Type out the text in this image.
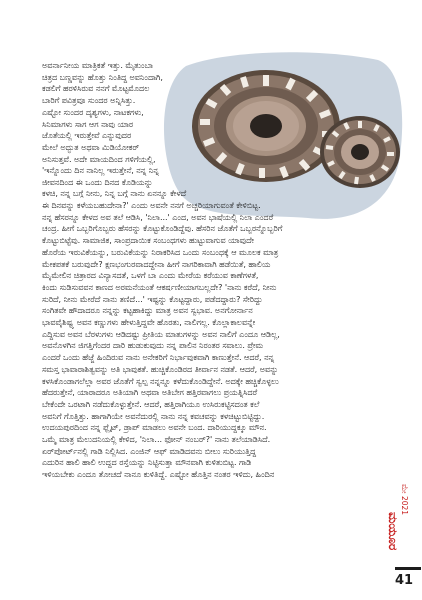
ಅವರ್ನಾನೀಯ ಮಾತ್ರಿಕತೆ ಇತ್ತು. ಮೈತುಂಬಾ
ಚಿತ್ರದ ಬಣ್ಣವನ್ನು ಹೊತ್ತು ನಿಂತಿದ್ದ ಅವನಿಂದಾಗಿ,
ಕಡಲಿಗೆ ಹರಳಿಸಿರುವ ನನಗೆ ಮೊಟ್ಟಮೊದಲ
ಬಾರಿಗೆ ಪವಿತ್ರವೂ ಸುಂದರ ಅನ್ನಿಸಿತ್ತು.
ಎಷ್ಟೋ ಸುಂದರ ದೃಶ್ಯಗಳು, ನಾಟಕಗಳು,
ಸಿನಿಮಾಗಳು ಸಾಗ ಆಗ ನಾವು ಯಾರ
ಜೊತೆಯಲ್ಲಿ ಇರುತ್ತೇವೆ ಎನ್ನುವುದರ
ಮೇಲೆ ಅದ್ಭುತ ಅಥವಾ ಮಿಡಿಯೋಕರ್
ಅನಿಸುತ್ತವೆ. ಅದೇ ಮಾಯದಿಂದ ಗಳಿಗೆಯಲ್ಲಿ,
'ಇನ್ನೊಂದು ದಿನ ನಾನಿಲ್ಲ ಇರುತ್ತೇನೆ, ನನ್ನ ನಿನ್ನ
ಜೀವನದಿಂದ ಈ ಒಂದು ದಿನದ ಕೊಡಿಯನ್ನು
ಕಳಚಿ, ನನ್ನ ಬಗ್ಗೆ ನೀನು, ನಿನ್ನ ಬಗ್ಗೆ ನಾನು ಏನನ್ನೂ ಕೇಳದೆ
ಈ ದಿನವನ್ನು ಕಳೆಯಬಹುದೇನಾ?' ಎಂದು ಅವನೇ ನನಗೆ ಅಚ್ಚರಿಯಾಗುವಂತೆ ಕೇಳಿಬಿಟ್ಟ.
ನನ್ನ ಹೆಸರನ್ನೂ ಕೇಳದ ಅವ ತಲೆ ಆಡಿಸಿ, 'ನಿಲಾ...' ಎಂದ, ಅವನ ಭಾಷೆಯಲ್ಲಿ ನಿಲಾ ಎಂದರೆ
ಚಂದ್ರ. ಹೀಗೆ ಒಬ್ಬರಿಗೊಬ್ಬರು ಹೆಸರನ್ನು ಕೊಟ್ಟುಕೊಂಡಿದ್ದೆವು. ಹೆಸರಿನ ಜೊತೆಗೆ ಒಬ್ಬರನ್ನೊಬ್ಬರಿಗೆ
ಕೊಟ್ಟುಬಿಟ್ಟೆವು. ಸಾಮಾಜಿಕ, ಸಾಂಪ್ರದಾಯಿಕ ಸಂಬಂಧಗಳು ಹುಟ್ಟುವಾಗುವ ಯಾವುದೇ
ಹೊರೆಯ ಇರುವಿಕೆಯನ್ನು, ಬರುವಿಕೆಯನ್ನು ನಿರಾಕರಿಸಿದ ಒಂದು ಸಂಬಂಧಕ್ಕೆ ಆ ಮೂಲಕ ಮಾತ್ರ
ಮೇಕಪತಕೆ ಬರುವುದೇ? ಕ್ಷಣಭಂಗುರವಾದದ್ದೇನಾ ಹೀಗೆ ನಾಗರಿಕಾವಾಗಿ ಹಡೆಯಿತೆ, ಹಾಲಿಯ
ಮೈಮೇಲಿನ ಚಿತ್ರಾರದ ವಿನ್ಯಾಸದತೆ, ಒಳಗೆ ಬಾ ಎಂದು ಮೇರೆಯ ಕರೆಯುವ ಕಾಣೆಗಳತೆ,
ಕಿಂದು ಸುಡಿಸುವವನ ಕಾಣದ ಅರಮನೆಯಂತೆ ಆಕರ್ಷಣೀಯಾಗಬಲ್ಲದೇ? 'ನಾನು ಕರೆದೆ, ನೀನು
ಸುರಿದೆ, ನೀನು ಮೇರೆದೆ ನಾನು ತಣಿದೆ...' ಇಷ್ಟನ್ನು ಕೊಟ್ಟದ್ದಾರು, ಪಡೆದದ್ದಾರು? ಸೇರಿದ್ದು
ಸಂಗಿತವೇ ಹೌದಾದರೂ ನನ್ನನ್ನು ಕಟ್ಟಹಾಕಿದ್ದು ಮಾತ್ರ ಅವನ ಸ್ವಭಾವ. ಅನಗೋರ್ನಾನ
ಭಾವವೈಶಿಷ್ಟ್ಯ ಅವನ ಕಣ್ಣುಗಳು ಹೇಳುತ್ತಿದ್ದವೇ ಹೊರತು, ನಾಲಿಗಲ್ಲ. ಕೊಲ್ಲಾಕಾಲವನ್ನೇ
ಎದ್ದಿಸುವ ಅವನ ಬೆರಳುಗಳು ಆಡಿದಷ್ಟು ಪ್ರೀತಿಯ ಮಾತುಗಳನ್ನು ಅವನ ನಾಲಿಗೆ ಎಂದೂ ಆಡಿಲ್ಲ,
ಅವನೊಳಗಿನ ಜಿಗತ್ತಿಗೆಂದರ ದಾರಿ ಹುಡುಕುವುದು ನನ್ನ ಪಾಲಿನ ನಿರಂತರ ಸವಾಲು. ಪ್ರೇಮ
ಎಂದರೆ ಒಂದು ಹೆಜ್ಜೆ ಹಿಂದಿರುವ ನಾನು ಅನೇಕರಿಗೆ ನಿರ್ಭಾವುಕವಾಗಿ ಕಾಣುತ್ತೇನೆ. ಆದರೆ, ನನ್ನ
ಸಮಸ್ತ ಭಾವಾರಾಶಿತ್ವವನ್ನು ಅತಿ ಭಾವುಕತೆ. ಹುಚ್ಚಿಕೊಂಡಿರದ ತೀರ್ವಾನ ನಡತೆ. ಆದರೆ, ಅವನ್ನು
ಕಳಸಿಕೊಂಡಾಗಲೆಲ್ಲಾ ಅವರ ಜೊತೆಗೆ ಸ್ವಲ್ಪ ನನ್ನನ್ನೂ ಕಳೆದುಕೊಂಡಿದ್ದೇನೆ. ಅದಕ್ಕೇ ಹಚ್ಚಿಕೊಳ್ಳಲು
ಹೆದರುತ್ತೇನೆ, ಯಾರಾದರೂ ಅತಿಯಾಗಿ ಅಥವಾ ಅತಿಬೇಗ ಹತ್ತಿರವಾಗಲು ಪ್ರಯತ್ನಿಸಿದರೆ
ಬೇಕೆಂದೇ ಒರಟಾಗಿ ನಡೆದುಕೊಳ್ಳುತ್ತೇನೆ. ಆದರೆ, ಹತ್ತಿರಾಗಿಯೂ ಉಸಿರುಕಟ್ಟಿಸದಂತ ಕಲೆ
ಅವನಿಗೆ ಗೊತ್ತಿತ್ತು. ಹಾಗಾಗಿಯೇ ಅವನೆದುರಲ್ಲಿ ನಾನು ನನ್ನ ಕವಚವನ್ನು ಕಳಚಿಟ್ಟುಬಿಟ್ಟಿದ್ದು.
ಉದಯಪುರದಿಂದ ನನ್ನ ಫ್ಲೈಟ್, ಡ್ರಾಪ್ ಮಾಡಲು ಅವನೇ ಬಂದ. ದಾರಿಯುದ್ದಕ್ಕೂ ಮೌನ.
ಒಮ್ಮೆ ಮಾತ್ರ ಮೆಲುದನಿಯಲ್ಲಿ ಕೇಳಿದ, 'ನಿಲಾ... ಫೋನ್ ನಂಬರ್?' ನಾನು ತಲೆಯಾಡಿಸಿದೆ.
ಏರ್‌ಪೋರ್ಟ್‌ನಲ್ಲಿ ಗಾಡಿ ನಿಲ್ಲಿಸಿದ. ಎಂಜಿನ್ ಆಫ್ ಮಾಡಿದವನು ಬೀಲು ಸುರಿಯುತ್ತಿದ್ದ
ಎದುರಿನ ಹಾಲಿ ಹಾಲಿ ಉದ್ದದ ರಸ್ತೆಯನ್ನು ನಿಟ್ಟಿಸುತ್ತಾ ಮೌನವಾಗಿ ಕುಳಿತುಬಿಟ್ಟ. ಗಾಡಿ
ಇಳಿಯಬೇಕು ಎಂದೂ ತೋಚದೆ ನಾನೂ ಕುಳಿತಿದ್ದೆ. ಎಷ್ಟೋ ಹೊತ್ತಿನ ನಂತರ ಇಳಿದು, ಹಿಂದಿನ
ಮೇ 2021
ಮಯೂರ
41
